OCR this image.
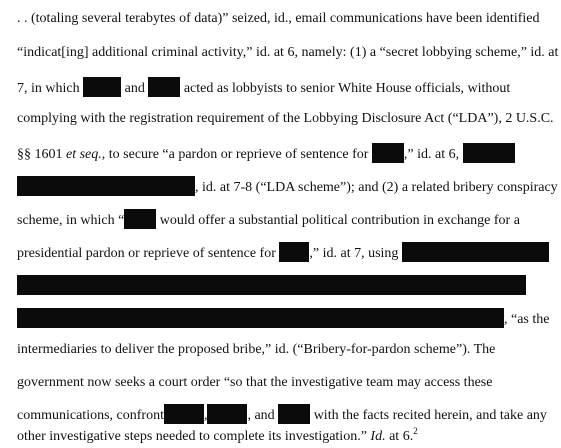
. . (totaling several terabytes of data)” seized, id., email communications have been identified
“indicat[ing] additional criminal activity,” id. at 6, namely: (1) a “secret lobbying scheme,” id. at
7, in which	and	acted as lobbyists to senior White House officials, without
complying with the registration requirement of the Lobbying Disclosure Act (“LDA”), 2 U.S.C.
§§ 1601 et seq., to secure “a pardon or reprieve of sentence for	,” id. at 6,
, id. at 7-8 (“LDA scheme”); and (2) a related bribery conspiracy
scheme, in which “	would offer a substantial political contribution in exchange for a
presidential pardon or reprieve of sentence for ,” id. at 7, using
, “as the
intermediaries to deliver the proposed bribe,” id. (“Bribery-for-pardon scheme”). The
government now seeks a court order “so that the investigative team may access these
communications, confront	,	, and	with the facts recited herein, and take any
other investigative steps needed to complete its investigation.” Id. at 6.$^2$
